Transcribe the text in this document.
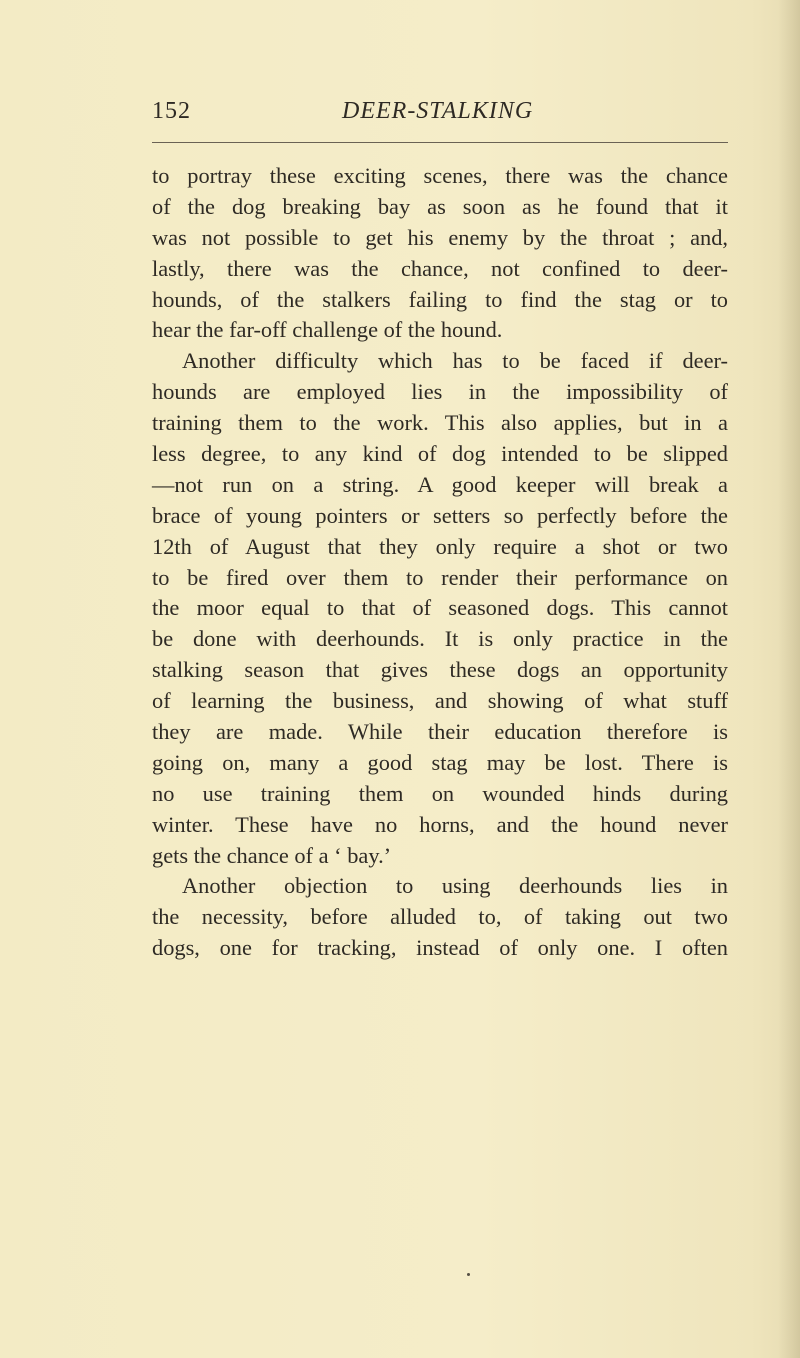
152	DEER-STALKING
to portray these exciting scenes, there was the chance
of the dog breaking bay as soon as he found that it
was not possible to get his enemy by the throat ; and,
lastly, there was the chance, not confined to deer-
hounds, of the stalkers failing to find the stag or to
hear the far-off challenge of the hound.
Another difficulty which has to be faced if deer-
hounds are employed lies in the impossibility of
training them to the work. This also applies, but in a
less degree, to any kind of dog intended to be slipped
—not run on a string. A good keeper will break a
brace of young pointers or setters so perfectly before the
12th of August that they only require a shot or two
to be fired over them to render their performance on
the moor equal to that of seasoned dogs. This cannot
be done with deerhounds. It is only practice in the
stalking season that gives these dogs an opportunity
of learning the business, and showing of what stuff
they are made. While their education therefore is
going on, many a good stag may be lost. There is
no use training them on wounded hinds during
winter. These have no horns, and the hound never
gets the chance of a ‘ bay.’
Another objection to using deerhounds lies in
the necessity, before alluded to, of taking out two
dogs, one for tracking, instead of only one. I often
